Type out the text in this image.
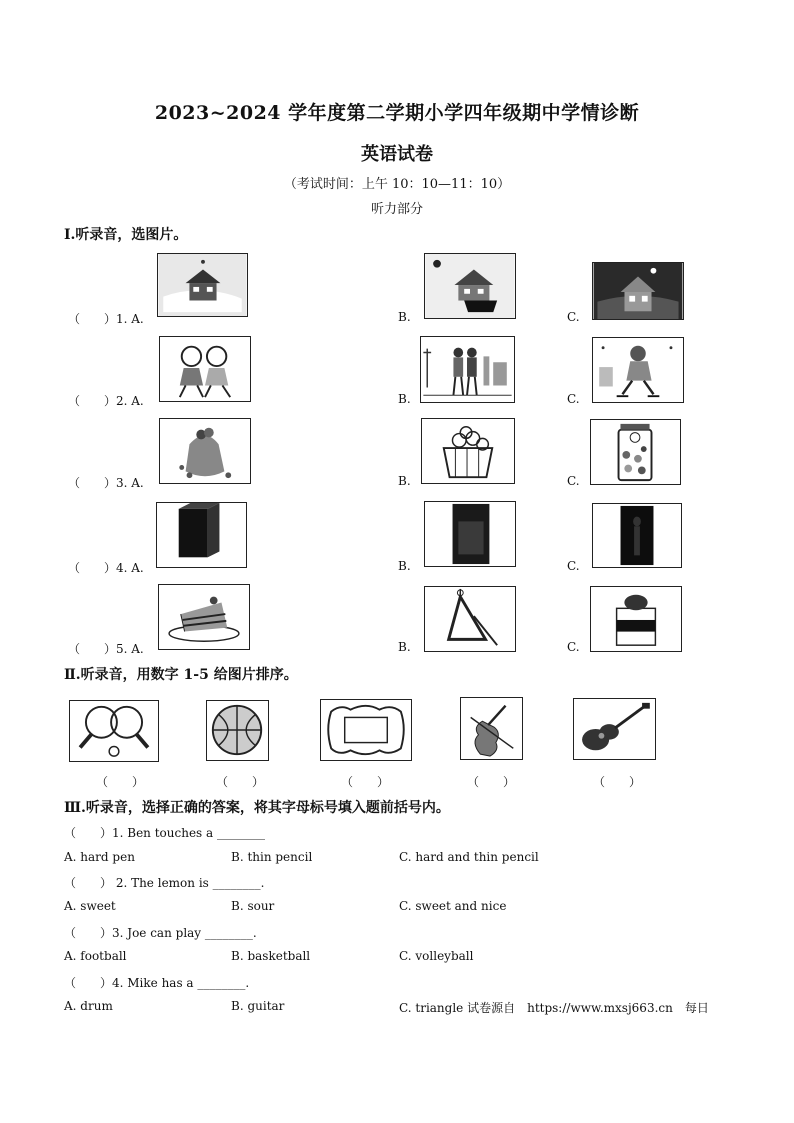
2023~2024 学年度第二学期小学四年级期中学情诊断
英语试卷
（考试时间：上午 10：10—11：10）
听力部分
Ⅰ.听录音，选图片。
（　　）1. A.	B.	C.
（　　）2. A.	B.	C.
（　　）3. A.	B.	C.
（　　）4. A.	B.	C.
（　　）5. A.	B.	C.
Ⅱ.听录音，用数字 1-5 给图片排序。
（　　）	（　　）	（　　）	（　　）	（　　）
Ⅲ.听录音，选择正确的答案，将其字母标号填入题前括号内。
（　　）1. Ben touches a ________
A. hard pen	B. thin pencil	C. hard and thin pencil
（　　） 2. The lemon is ________.
A. sweet	B. sour	C. sweet and nice
（　　）3. Joe can play ________.
A. football	B. basketball	C. volleyball
（　　）4. Mike has a ________.
A. drum	B. guitar	C. triangle 试卷源自　https://www.mxsj663.cn　每日
